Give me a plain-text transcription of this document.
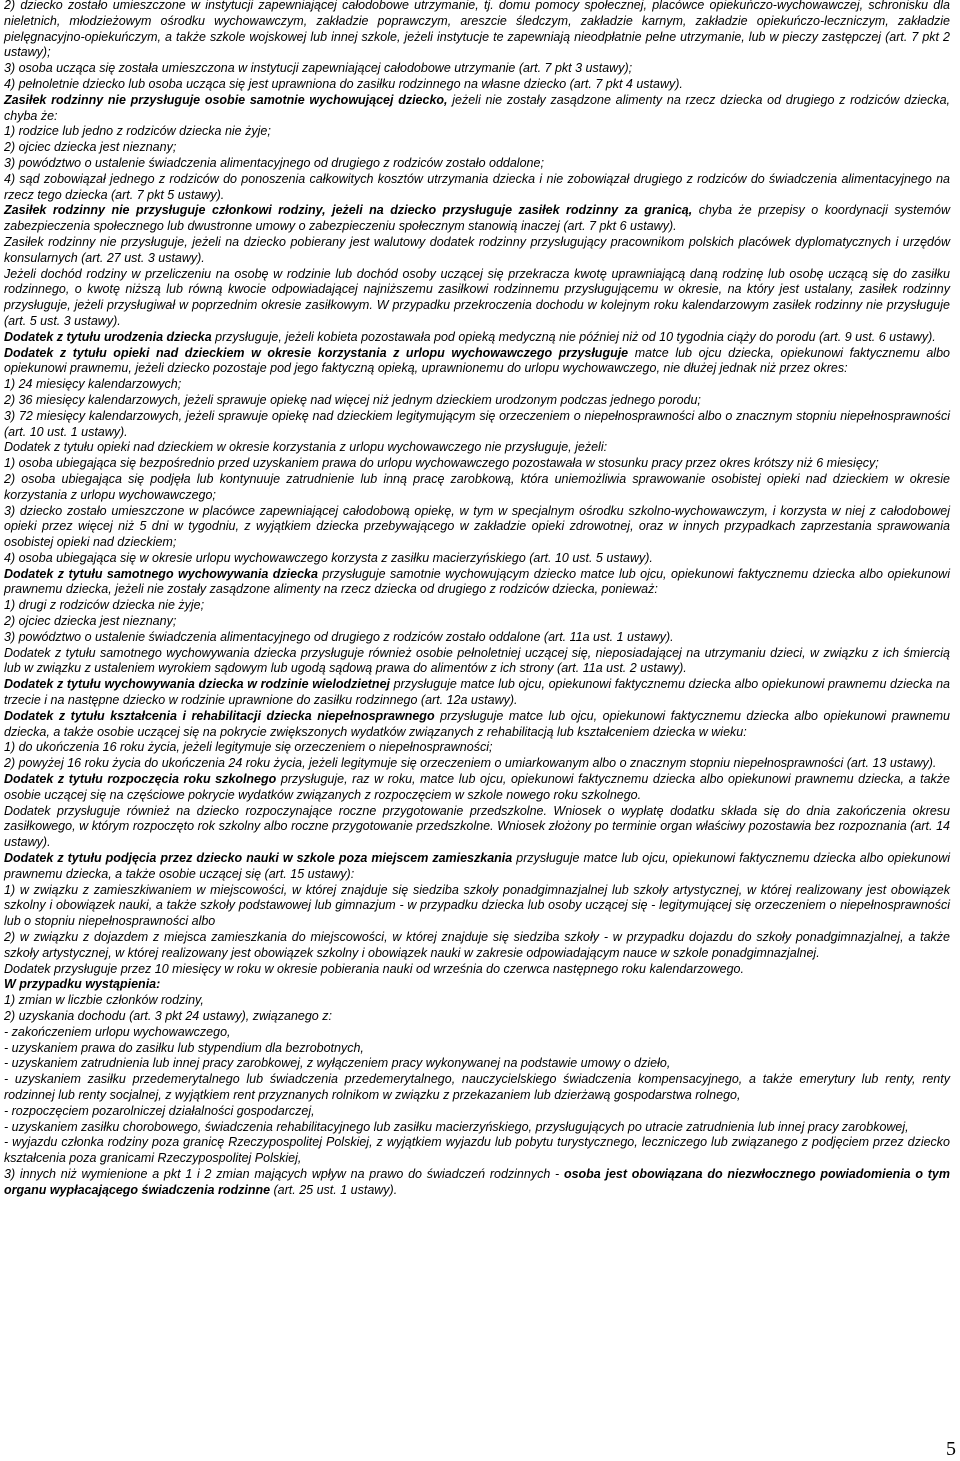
2) dziecko zostało umieszczone w instytucji zapewniającej całodobowe utrzymanie, tj. domu pomocy społecznej, placówce opiekuńczo-wychowawczej, schronisku dla nieletnich, młodzieżowym ośrodku wychowawczym, zakładzie poprawczym, areszcie śledczym, zakładzie karnym, zakładzie opiekuńczo-leczniczym, zakładzie pielęgnacyjno-opiekuńczym, a także szkole wojskowej lub innej szkole, jeżeli instytucje te zapewniają nieodpłatnie pełne utrzymanie, lub w pieczy zastępczej (art. 7 pkt 2 ustawy);

3) osoba ucząca się została umieszczona w instytucji zapewniającej całodobowe utrzymanie (art. 7 pkt 3 ustawy);

4) pełnoletnie dziecko lub osoba ucząca się jest uprawniona do zasiłku rodzinnego na własne dziecko (art. 7 pkt 4 ustawy).

Zasiłek rodzinny nie przysługuje osobie samotnie wychowującej dziecko, jeżeli nie zostały zasądzone alimenty na rzecz dziecka od drugiego z rodziców dziecka, chyba że:

1) rodzice lub jedno z rodziców dziecka nie żyje;

2) ojciec dziecka jest nieznany;

3) powództwo o ustalenie świadczenia alimentacyjnego od drugiego z rodziców zostało oddalone;

4) sąd zobowiązał jednego z rodziców do ponoszenia całkowitych kosztów utrzymania dziecka i nie zobowiązał drugiego z rodziców do świadczenia alimentacyjnego na rzecz tego dziecka (art. 7 pkt 5 ustawy).

Zasiłek rodzinny nie przysługuje członkowi rodziny, jeżeli na dziecko przysługuje zasiłek rodzinny za granicą, chyba że przepisy o koordynacji systemów zabezpieczenia społecznego lub dwustronne umowy o zabezpieczeniu społecznym stanowią inaczej (art. 7 pkt 6 ustawy).

Zasiłek rodzinny nie przysługuje, jeżeli na dziecko pobierany jest walutowy dodatek rodzinny przysługujący pracownikom polskich placówek dyplomatycznych i urzędów konsularnych (art. 27 ust. 3 ustawy).

Jeżeli dochód rodziny w przeliczeniu na osobę w rodzinie lub dochód osoby uczącej się przekracza kwotę uprawniającą daną rodzinę lub osobę uczącą się do zasiłku rodzinnego, o kwotę niższą lub równą kwocie odpowiadającej najniższemu zasiłkowi rodzinnemu przysługującemu w okresie, na który jest ustalany, zasiłek rodzinny przysługuje, jeżeli przysługiwał w poprzednim okresie zasiłkowym. W przypadku przekroczenia dochodu w kolejnym roku kalendarzowym zasiłek rodzinny nie przysługuje (art. 5 ust. 3 ustawy).

Dodatek z tytułu urodzenia dziecka przysługuje, jeżeli kobieta pozostawała pod opieką medyczną nie później niż od 10 tygodnia ciąży do porodu (art. 9 ust. 6 ustawy).

Dodatek z tytułu opieki nad dzieckiem w okresie korzystania z urlopu wychowawczego przysługuje matce lub ojcu dziecka, opiekunowi faktycznemu albo opiekunowi prawnemu, jeżeli dziecko pozostaje pod jego faktyczną opieką, uprawnionemu do urlopu wychowawczego, nie dłużej jednak niż przez okres:

1) 24 miesięcy kalendarzowych;

2) 36 miesięcy kalendarzowych, jeżeli sprawuje opiekę nad więcej niż jednym dzieckiem urodzonym podczas jednego porodu;

3) 72 miesięcy kalendarzowych, jeżeli sprawuje opiekę nad dzieckiem legitymującym się orzeczeniem o niepełnosprawności albo o znacznym stopniu niepełnosprawności (art. 10 ust. 1 ustawy).

Dodatek z tytułu opieki nad dzieckiem w okresie korzystania z urlopu wychowawczego nie przysługuje, jeżeli:

1) osoba ubiegająca się bezpośrednio przed uzyskaniem prawa do urlopu wychowawczego pozostawała w stosunku pracy przez okres krótszy niż 6 miesięcy;

2) osoba ubiegająca się podjęła lub kontynuuje zatrudnienie lub inną pracę zarobkową, która uniemożliwia sprawowanie osobistej opieki nad dzieckiem w okresie korzystania z urlopu wychowawczego;

3) dziecko zostało umieszczone w placówce zapewniającej całodobową opiekę, w tym w specjalnym ośrodku szkolno-wychowawczym, i korzysta w niej z całodobowej opieki przez więcej niż 5 dni w tygodniu, z wyjątkiem dziecka przebywającego w zakładzie opieki zdrowotnej, oraz w innych przypadkach zaprzestania sprawowania osobistej opieki nad dzieckiem;

4) osoba ubiegająca się w okresie urlopu wychowawczego korzysta z zasiłku macierzyńskiego (art. 10 ust. 5 ustawy).

Dodatek z tytułu samotnego wychowywania dziecka przysługuje samotnie wychowującym dziecko matce lub ojcu, opiekunowi faktycznemu dziecka albo opiekunowi prawnemu dziecka, jeżeli nie zostały zasądzone alimenty na rzecz dziecka od drugiego z rodziców dziecka, ponieważ:

1) drugi z rodziców dziecka nie żyje;

2) ojciec dziecka jest nieznany;

3) powództwo o ustalenie świadczenia alimentacyjnego od drugiego z rodziców zostało oddalone (art. 11a ust. 1 ustawy).

Dodatek z tytułu samotnego wychowywania dziecka przysługuje również osobie pełnoletniej uczącej się, nieposiadającej na utrzymaniu dzieci, w związku z ich śmiercią lub w związku z ustaleniem wyrokiem sądowym lub ugodą sądową prawa do alimentów z ich strony (art. 11a ust. 2 ustawy).

Dodatek z tytułu wychowywania dziecka w rodzinie wielodzietnej przysługuje matce lub ojcu, opiekunowi faktycznemu dziecka albo opiekunowi prawnemu dziecka na trzecie i na następne dziecko w rodzinie uprawnione do zasiłku rodzinnego (art. 12a ustawy).

Dodatek z tytułu kształcenia i rehabilitacji dziecka niepełnosprawnego przysługuje matce lub ojcu, opiekunowi faktycznemu dziecka albo opiekunowi prawnemu dziecka, a także osobie uczącej się na pokrycie zwiększonych wydatków związanych z rehabilitacją lub kształceniem dziecka w wieku:

1) do ukończenia 16 roku życia, jeżeli legitymuje się orzeczeniem o niepełnosprawności;

2) powyżej 16 roku życia do ukończenia 24 roku życia, jeżeli legitymuje się orzeczeniem o umiarkowanym albo o znacznym stopniu niepełnosprawności (art. 13 ustawy).

Dodatek z tytułu rozpoczęcia roku szkolnego przysługuje, raz w roku, matce lub ojcu, opiekunowi faktycznemu dziecka albo opiekunowi prawnemu dziecka, a także osobie uczącej się na częściowe pokrycie wydatków związanych z rozpoczęciem w szkole nowego roku szkolnego.

Dodatek przysługuje również na dziecko rozpoczynające roczne przygotowanie przedszkolne. Wniosek o wypłatę dodatku składa się do dnia zakończenia okresu zasiłkowego, w którym rozpoczęto rok szkolny albo roczne przygotowanie przedszkolne. Wniosek złożony po terminie organ właściwy pozostawia bez rozpoznania (art. 14 ustawy).

Dodatek z tytułu podjęcia przez dziecko nauki w szkole poza miejscem zamieszkania przysługuje matce lub ojcu, opiekunowi faktycznemu dziecka albo opiekunowi prawnemu dziecka, a także osobie uczącej się (art. 15 ustawy):

1) w związku z zamieszkiwaniem w miejscowości, w której znajduje się siedziba szkoły ponadgimnazjalnej lub szkoły artystycznej, w której realizowany jest obowiązek szkolny i obowiązek nauki, a także szkoły podstawowej lub gimnazjum - w przypadku dziecka lub osoby uczącej się - legitymującej się orzeczeniem o niepełnosprawności lub o stopniu niepełnosprawności albo

2) w związku z dojazdem z miejsca zamieszkania do miejscowości, w której znajduje się siedziba szkoły - w przypadku dojazdu do szkoły ponadgimnazjalnej, a także szkoły artystycznej, w której realizowany jest obowiązek szkolny i obowiązek nauki w zakresie odpowiadającym nauce w szkole ponadgimnazjalnej.

Dodatek przysługuje przez 10 miesięcy w roku w okresie pobierania nauki od września do czerwca następnego roku kalendarzowego.

W przypadku wystąpienia:

1) zmian w liczbie członków rodziny,

2) uzyskania dochodu (art. 3 pkt 24 ustawy), związanego z:

- zakończeniem urlopu wychowawczego,

- uzyskaniem prawa do zasiłku lub stypendium dla bezrobotnych,

- uzyskaniem zatrudnienia lub innej pracy zarobkowej, z wyłączeniem pracy wykonywanej na podstawie umowy o dzieło,

- uzyskaniem zasiłku przedemerytalnego lub świadczenia przedemerytalnego, nauczycielskiego świadczenia kompensacyjnego, a także emerytury lub renty, renty rodzinnej lub renty socjalnej, z wyjątkiem rent przyznanych rolnikom w związku z przekazaniem lub dzierżawą gospodarstwa rolnego,

- rozpoczęciem pozarolniczej działalności gospodarczej,

- uzyskaniem zasiłku chorobowego, świadczenia rehabilitacyjnego lub zasiłku macierzyńskiego, przysługujących po utracie zatrudnienia lub innej pracy zarobkowej,

- wyjazdu członka rodziny poza granicę Rzeczypospolitej Polskiej, z wyjątkiem wyjazdu lub pobytu turystycznego, leczniczego lub związanego z podjęciem przez dziecko kształcenia poza granicami Rzeczypospolitej Polskiej,

3) innych niż wymienione a pkt 1 i 2 zmian mających wpływ na prawo do świadczeń rodzinnych - osoba jest obowiązana do niezwłocznego powiadomienia o tym organu wypłacającego świadczenia rodzinne (art. 25 ust. 1 ustawy).

5
